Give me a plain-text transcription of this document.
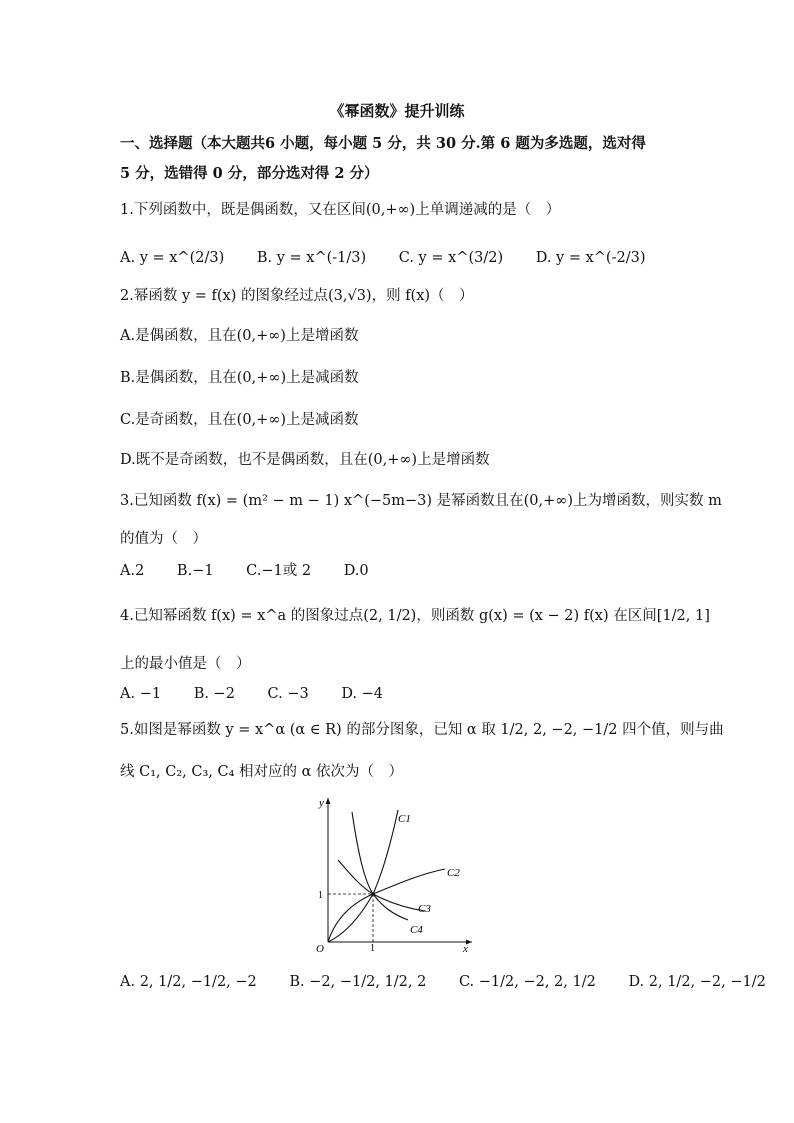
《幂函数》提升训练
一、选择题（本大题共6 小题，每小题 5 分，共 30 分.第 6 题为多选题，选对得
5 分，选错得 0 分，部分选对得 2 分）
1.下列函数中，既是偶函数，又在区间(0,+∞)上单调递减的是（　）
A. y = x^(2/3) B. y = x^(-1/3) C. y = x^(3/2) D. y = x^(-2/3)
2.幂函数 y = f(x) 的图象经过点(3,√3)，则 f(x)（　）
A.是偶函数，且在(0,+∞)上是增函数
B.是偶函数，且在(0,+∞)上是减函数
C.是奇函数，且在(0,+∞)上是减函数
D.既不是奇函数，也不是偶函数，且在(0,+∞)上是增函数
3.已知函数 f(x) = (m² − m − 1) x^(−5m−3) 是幂函数且在(0,+∞)上为增函数，则实数 m
的值为（　）
A.2 B.−1 C.−1或 2 D.0
4.已知幂函数 f(x) = x^a 的图象过点(2, 1/2)，则函数 g(x) = (x − 2) f(x) 在区间[1/2, 1]
上的最小值是（　）
A. −1 B. −2 C. −3 D. −4
5.如图是幂函数 y = x^α (α ∈ R) 的部分图象，已知 α 取 1/2, 2, −2, −1/2 四个值，则与曲
线 C₁, C₂, C₃, C₄ 相对应的 α 依次为（　）
y
x
O	1
1
C1
C2
C3
C4
A. 2, 1/2, −1/2, −2 B. −2, −1/2, 1/2, 2 C. −1/2, −2, 2, 1/2 D. 2, 1/2, −2, −1/2
